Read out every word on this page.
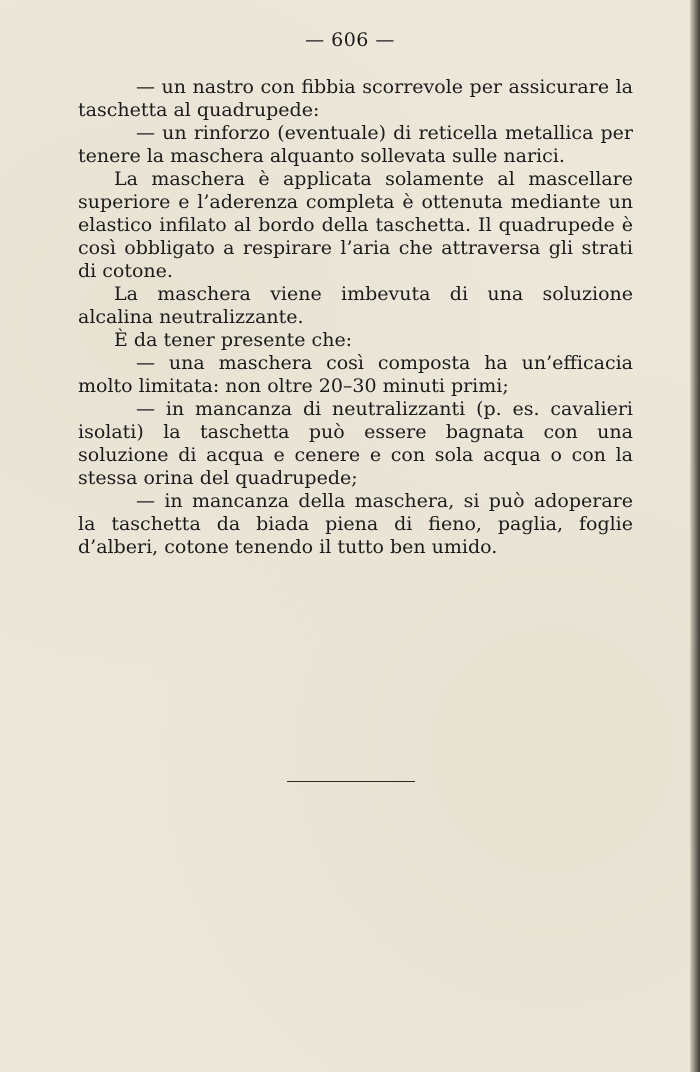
— 606 —

— un nastro con fibbia scorrevole per assicurare la taschetta al quadrupede:

— un rinforzo (eventuale) di reticella metallica per tenere la maschera alquanto sollevata sulle narici.

La maschera è applicata solamente al mascellare superiore e l’aderenza completa è ottenuta mediante un elastico infilato al bordo della taschetta. Il quadrupede è così obbligato a respirare l’aria che attraversa gli strati di cotone.

La maschera viene imbevuta di una soluzione alcalina neutralizzante.

È da tener presente che:

— una maschera così composta ha un’efficacia molto limitata: non oltre 20–30 minuti primi;

— in mancanza di neutralizzanti (p. es. cavalieri isolati) la taschetta può essere bagnata con una soluzione di acqua e cenere e con sola acqua o con la stessa orina del quadrupede;

— in mancanza della maschera, si può adoperare la taschetta da biada piena di fieno, paglia, foglie d’alberi, cotone tenendo il tutto ben umido.
